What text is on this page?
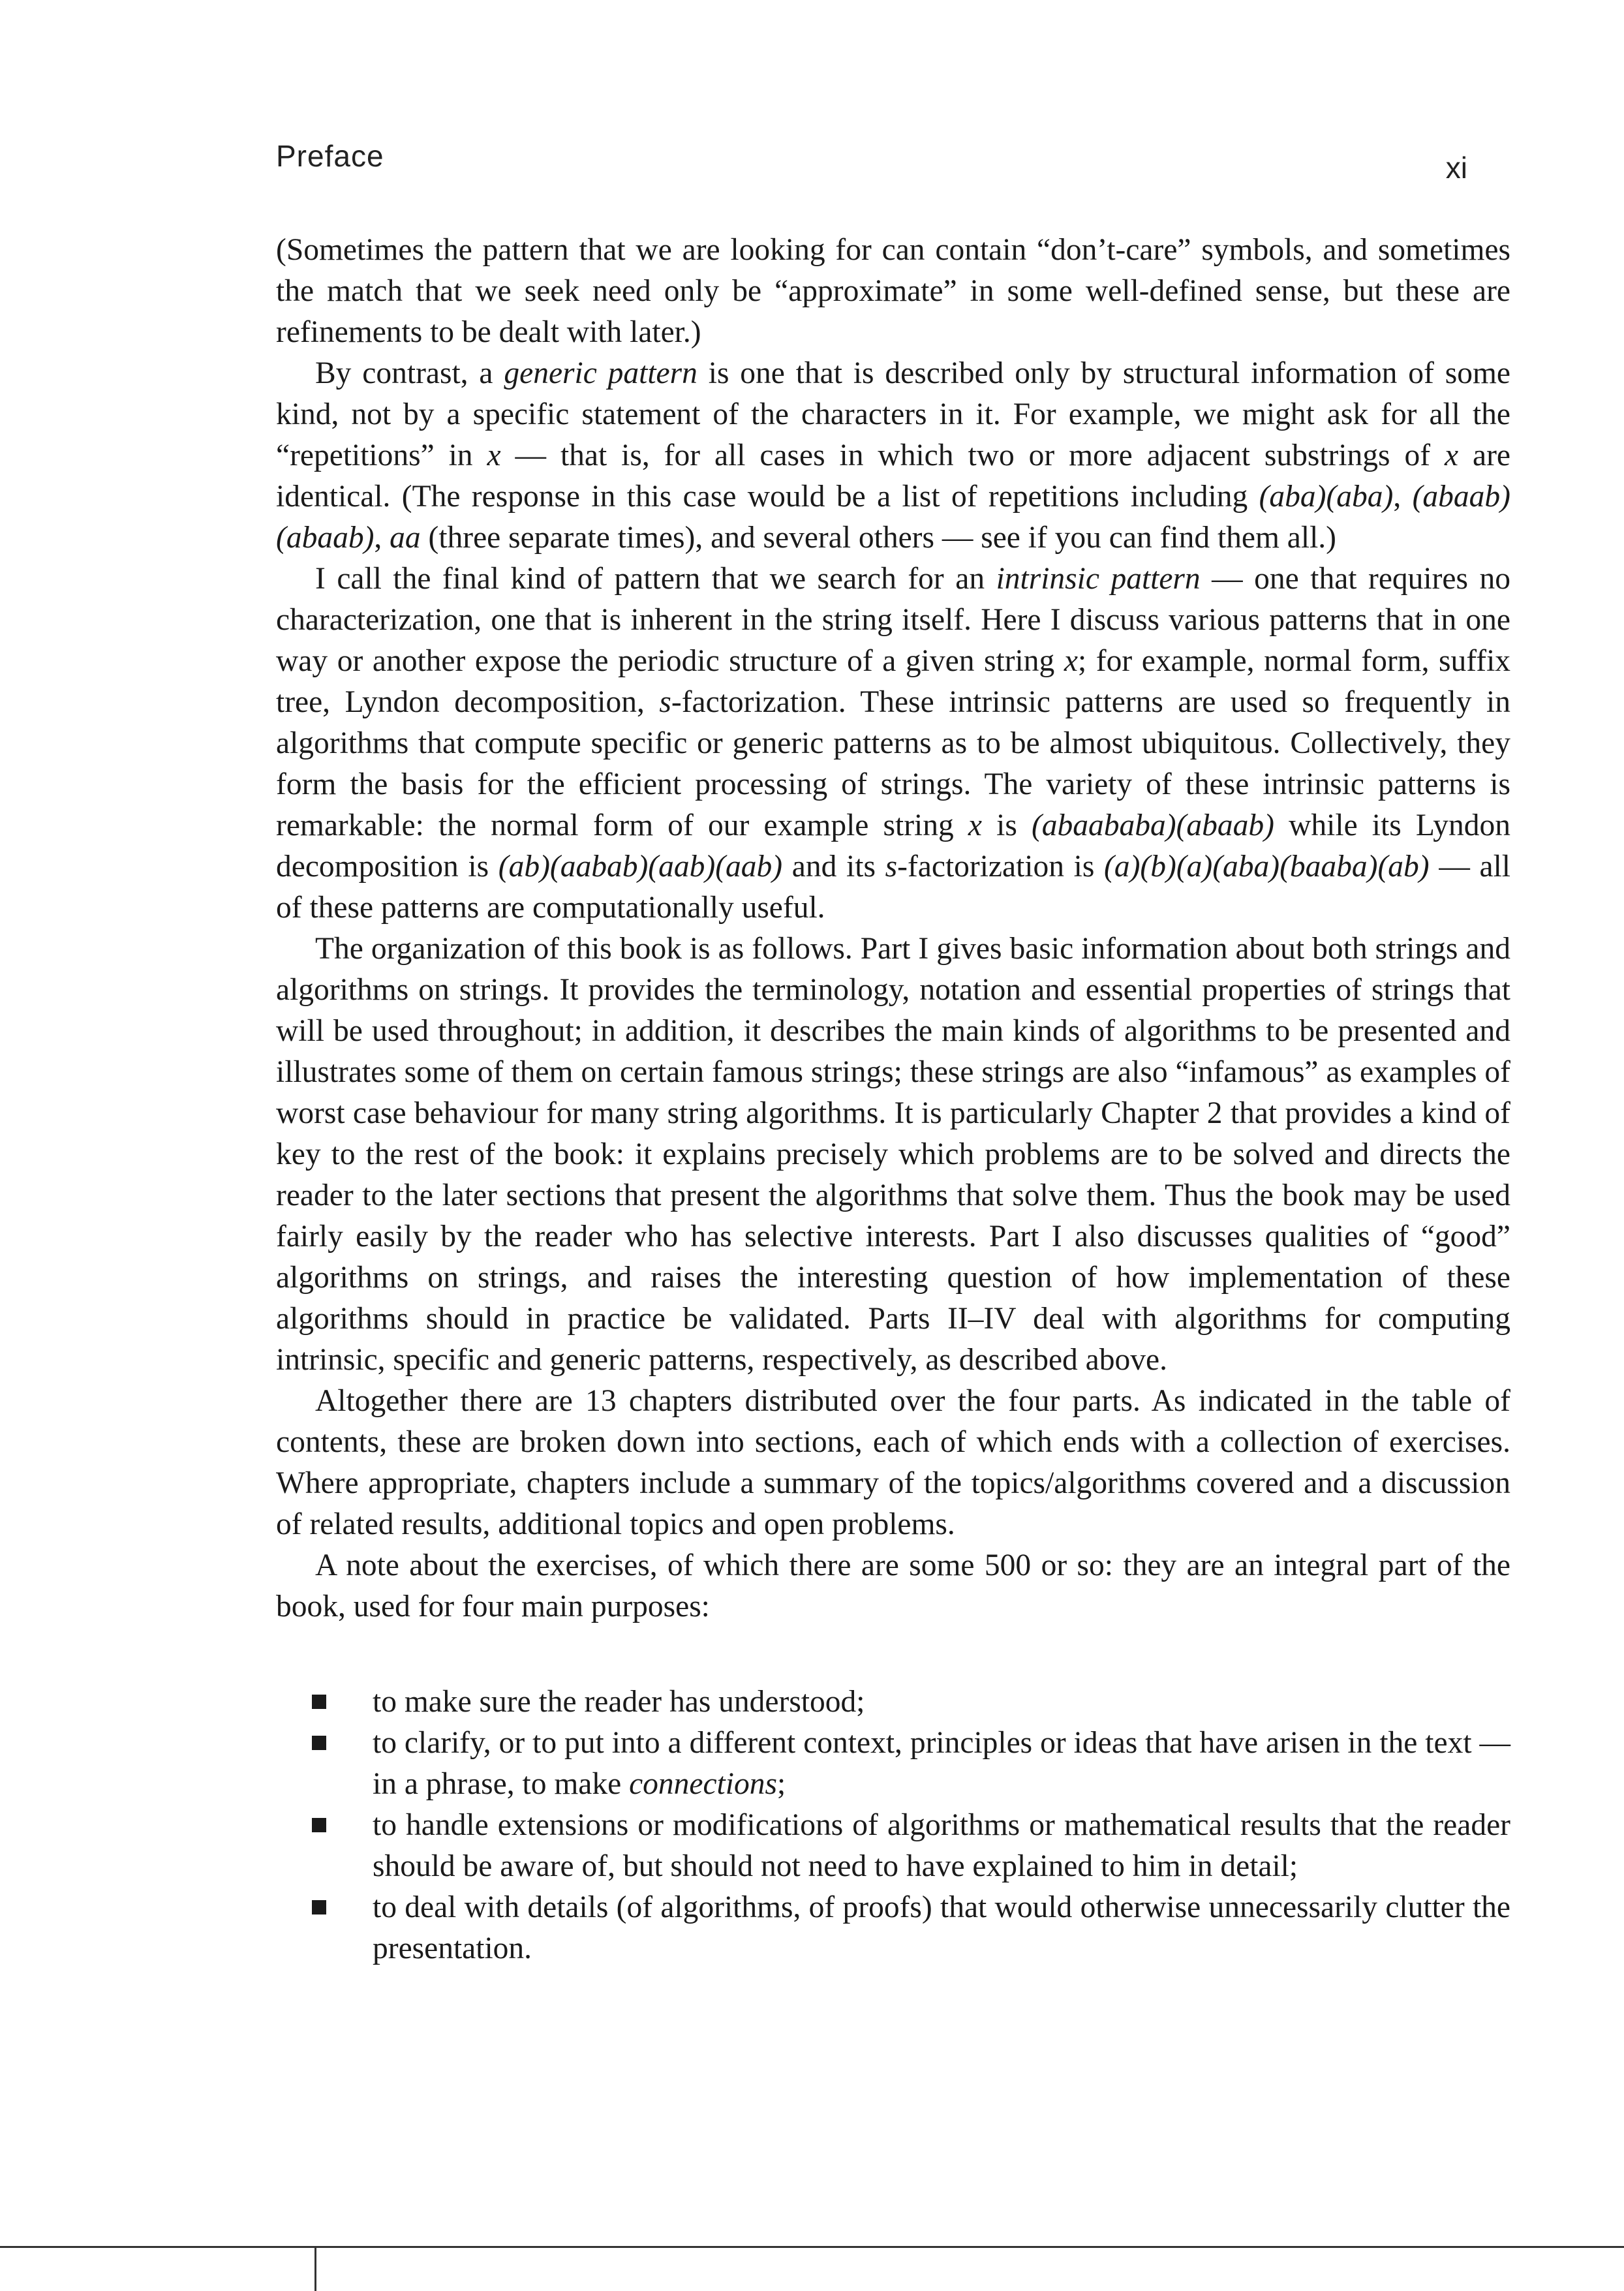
Preface	xi

(Sometimes the pattern that we are looking for can contain “don’t-care” symbols, and sometimes the match that we seek need only be “approximate” in some well-defined sense, but these are refinements to be dealt with later.)

By contrast, a generic pattern is one that is described only by structural information of some kind, not by a specific statement of the characters in it. For example, we might ask for all the “repetitions” in x — that is, for all cases in which two or more adjacent substrings of x are identical. (The response in this case would be a list of repetitions including (aba)(aba), (abaab)(abaab), aa (three separate times), and several others — see if you can find them all.)

I call the final kind of pattern that we search for an intrinsic pattern — one that requires no characterization, one that is inherent in the string itself. Here I discuss various patterns that in one way or another expose the periodic structure of a given string x; for example, normal form, suffix tree, Lyndon decomposition, s-factorization. These intrinsic patterns are used so frequently in algorithms that compute specific or generic patterns as to be almost ubiquitous. Collectively, they form the basis for the efficient processing of strings. The variety of these intrinsic patterns is remarkable: the normal form of our example string x is (abaababa)(abaab) while its Lyndon decomposition is (ab)(aabab)(aab)(aab) and its s-factorization is (a)(b)(a)(aba)(baaba)(ab) — all of these patterns are computationally useful.

The organization of this book is as follows. Part I gives basic information about both strings and algorithms on strings. It provides the terminology, notation and essential properties of strings that will be used throughout; in addition, it describes the main kinds of algorithms to be presented and illustrates some of them on certain famous strings; these strings are also “infamous” as examples of worst case behaviour for many string algorithms. It is particularly Chapter 2 that provides a kind of key to the rest of the book: it explains precisely which problems are to be solved and directs the reader to the later sections that present the algorithms that solve them. Thus the book may be used fairly easily by the reader who has selective interests. Part I also discusses qualities of “good” algorithms on strings, and raises the interesting question of how implementation of these algorithms should in practice be validated. Parts II–IV deal with algorithms for computing intrinsic, specific and generic patterns, respectively, as described above.

Altogether there are 13 chapters distributed over the four parts. As indicated in the table of contents, these are broken down into sections, each of which ends with a collection of exercises. Where appropriate, chapters include a summary of the topics/algorithms covered and a discussion of related results, additional topics and open problems.

A note about the exercises, of which there are some 500 or so: they are an integral part of the book, used for four main purposes:

to make sure the reader has understood;
to clarify, or to put into a different context, principles or ideas that have arisen in the text — in a phrase, to make connections;
to handle extensions or modifications of algorithms or mathematical results that the reader should be aware of, but should not need to have explained to him in detail;
to deal with details (of algorithms, of proofs) that would otherwise unnecessarily clutter the presentation.
